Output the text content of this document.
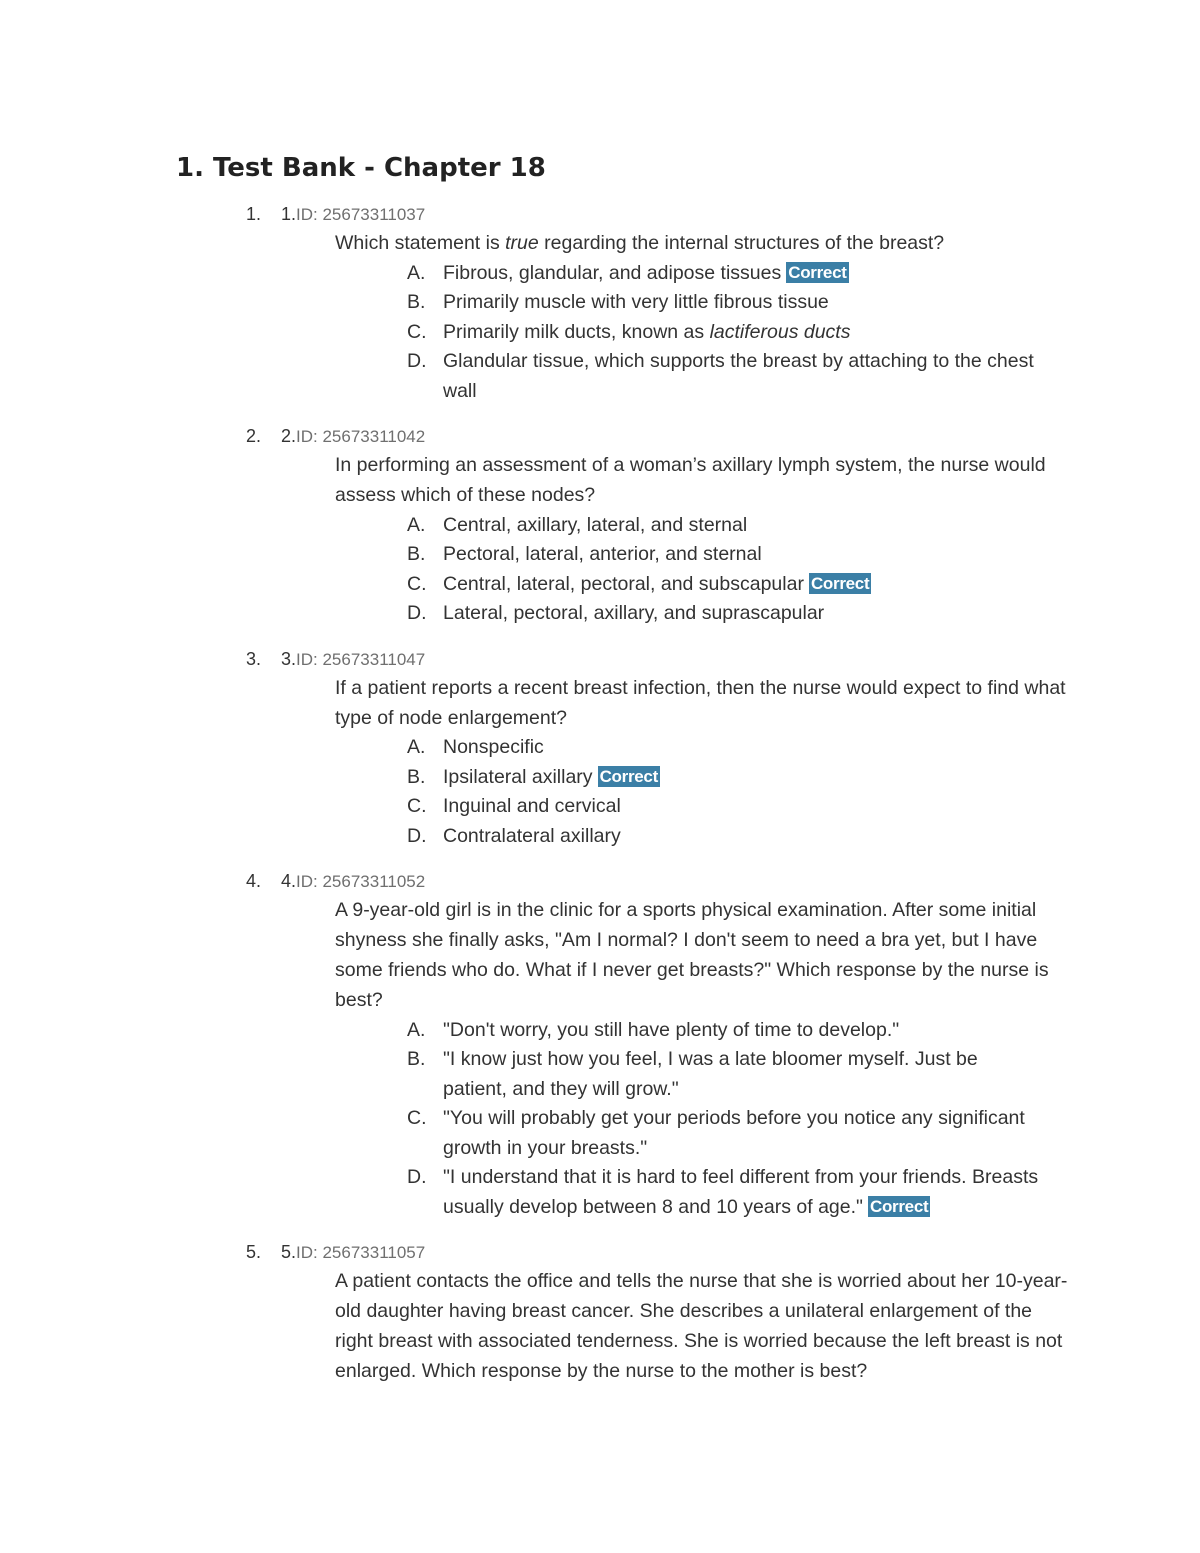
1. Test Bank - Chapter 18
1. 1.ID: 25673311037
Which statement is true regarding the internal structures of the breast?
A. Fibrous, glandular, and adipose tissues Correct
B. Primarily muscle with very little fibrous tissue
C. Primarily milk ducts, known as lactiferous ducts
D. Glandular tissue, which supports the breast by attaching to the chest wall
2. 2.ID: 25673311042
In performing an assessment of a woman’s axillary lymph system, the nurse would assess which of these nodes?
A. Central, axillary, lateral, and sternal
B. Pectoral, lateral, anterior, and sternal
C. Central, lateral, pectoral, and subscapular Correct
D. Lateral, pectoral, axillary, and suprascapular
3. 3.ID: 25673311047
If a patient reports a recent breast infection, then the nurse would expect to find what type of node enlargement?
A. Nonspecific
B. Ipsilateral axillary Correct
C. Inguinal and cervical
D. Contralateral axillary
4. 4.ID: 25673311052
A 9-year-old girl is in the clinic for a sports physical examination. After some initial shyness she finally asks, "Am I normal? I don't seem to need a bra yet, but I have some friends who do. What if I never get breasts?" Which response by the nurse is best?
A. "Don't worry, you still have plenty of time to develop."
B. "I know just how you feel, I was a late bloomer myself. Just be patient, and they will grow."
C. "You will probably get your periods before you notice any significant growth in your breasts."
D. "I understand that it is hard to feel different from your friends. Breasts usually develop between 8 and 10 years of age." Correct
5. 5.ID: 25673311057
A patient contacts the office and tells the nurse that she is worried about her 10-year-old daughter having breast cancer. She describes a unilateral enlargement of the right breast with associated tenderness. She is worried because the left breast is not enlarged. Which response by the nurse to the mother is best?
